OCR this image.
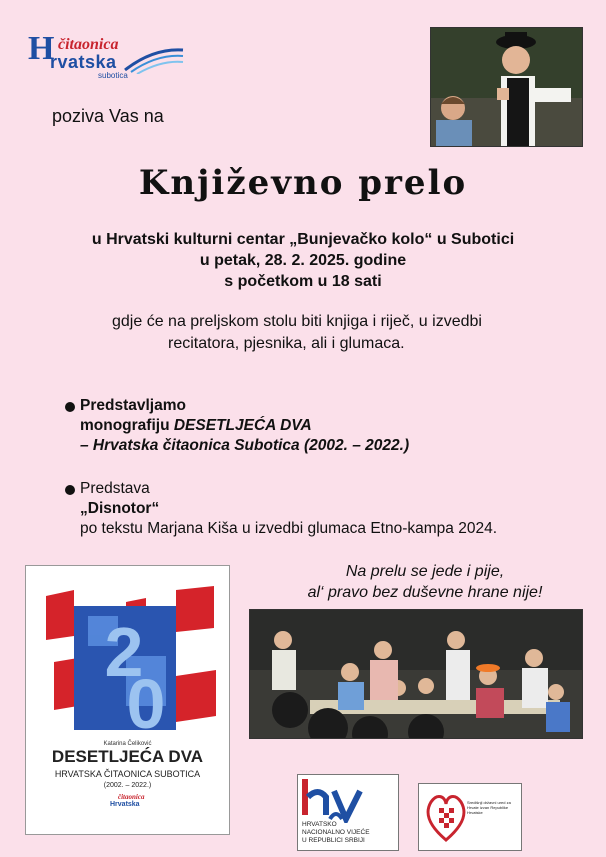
H čitaonica
rvatska
subotica
poziva Vas na
Književno prelo
u Hrvatski kulturni centar „Bunjevačko kolo“ u Subotici
u petak, 28. 2. 2025. godine
s početkom u 18 sati
gdje će na preljskom stolu biti knjiga i riječ, u izvedbi
recitatora, pjesnika, ali i glumaca.
Predstavljamo
monografiju DESETLJEĆA DVA
– Hrvatska čitaonica Subotica (2002. – 2022.)
Predstava
„Disnotor“
po tekstu Marjana Kiša u izvedbi glumaca Etno-kampa 2024.
Na prelu se jede i pije,
al‘ pravo bez duševne hrane nije!
2
0
Katarina Čeliković
DESETLJEĆA DVA
HRVATSKA ČITAONICA SUBOTICA
(2002. – 2022.)
čitaonica
Hrvatska
HRVATSKO
NACIONALNO VIJEĆE
U REPUBLICI SRBIJI
Središnji državni ured za Hrvate izvan Republike Hrvatske
